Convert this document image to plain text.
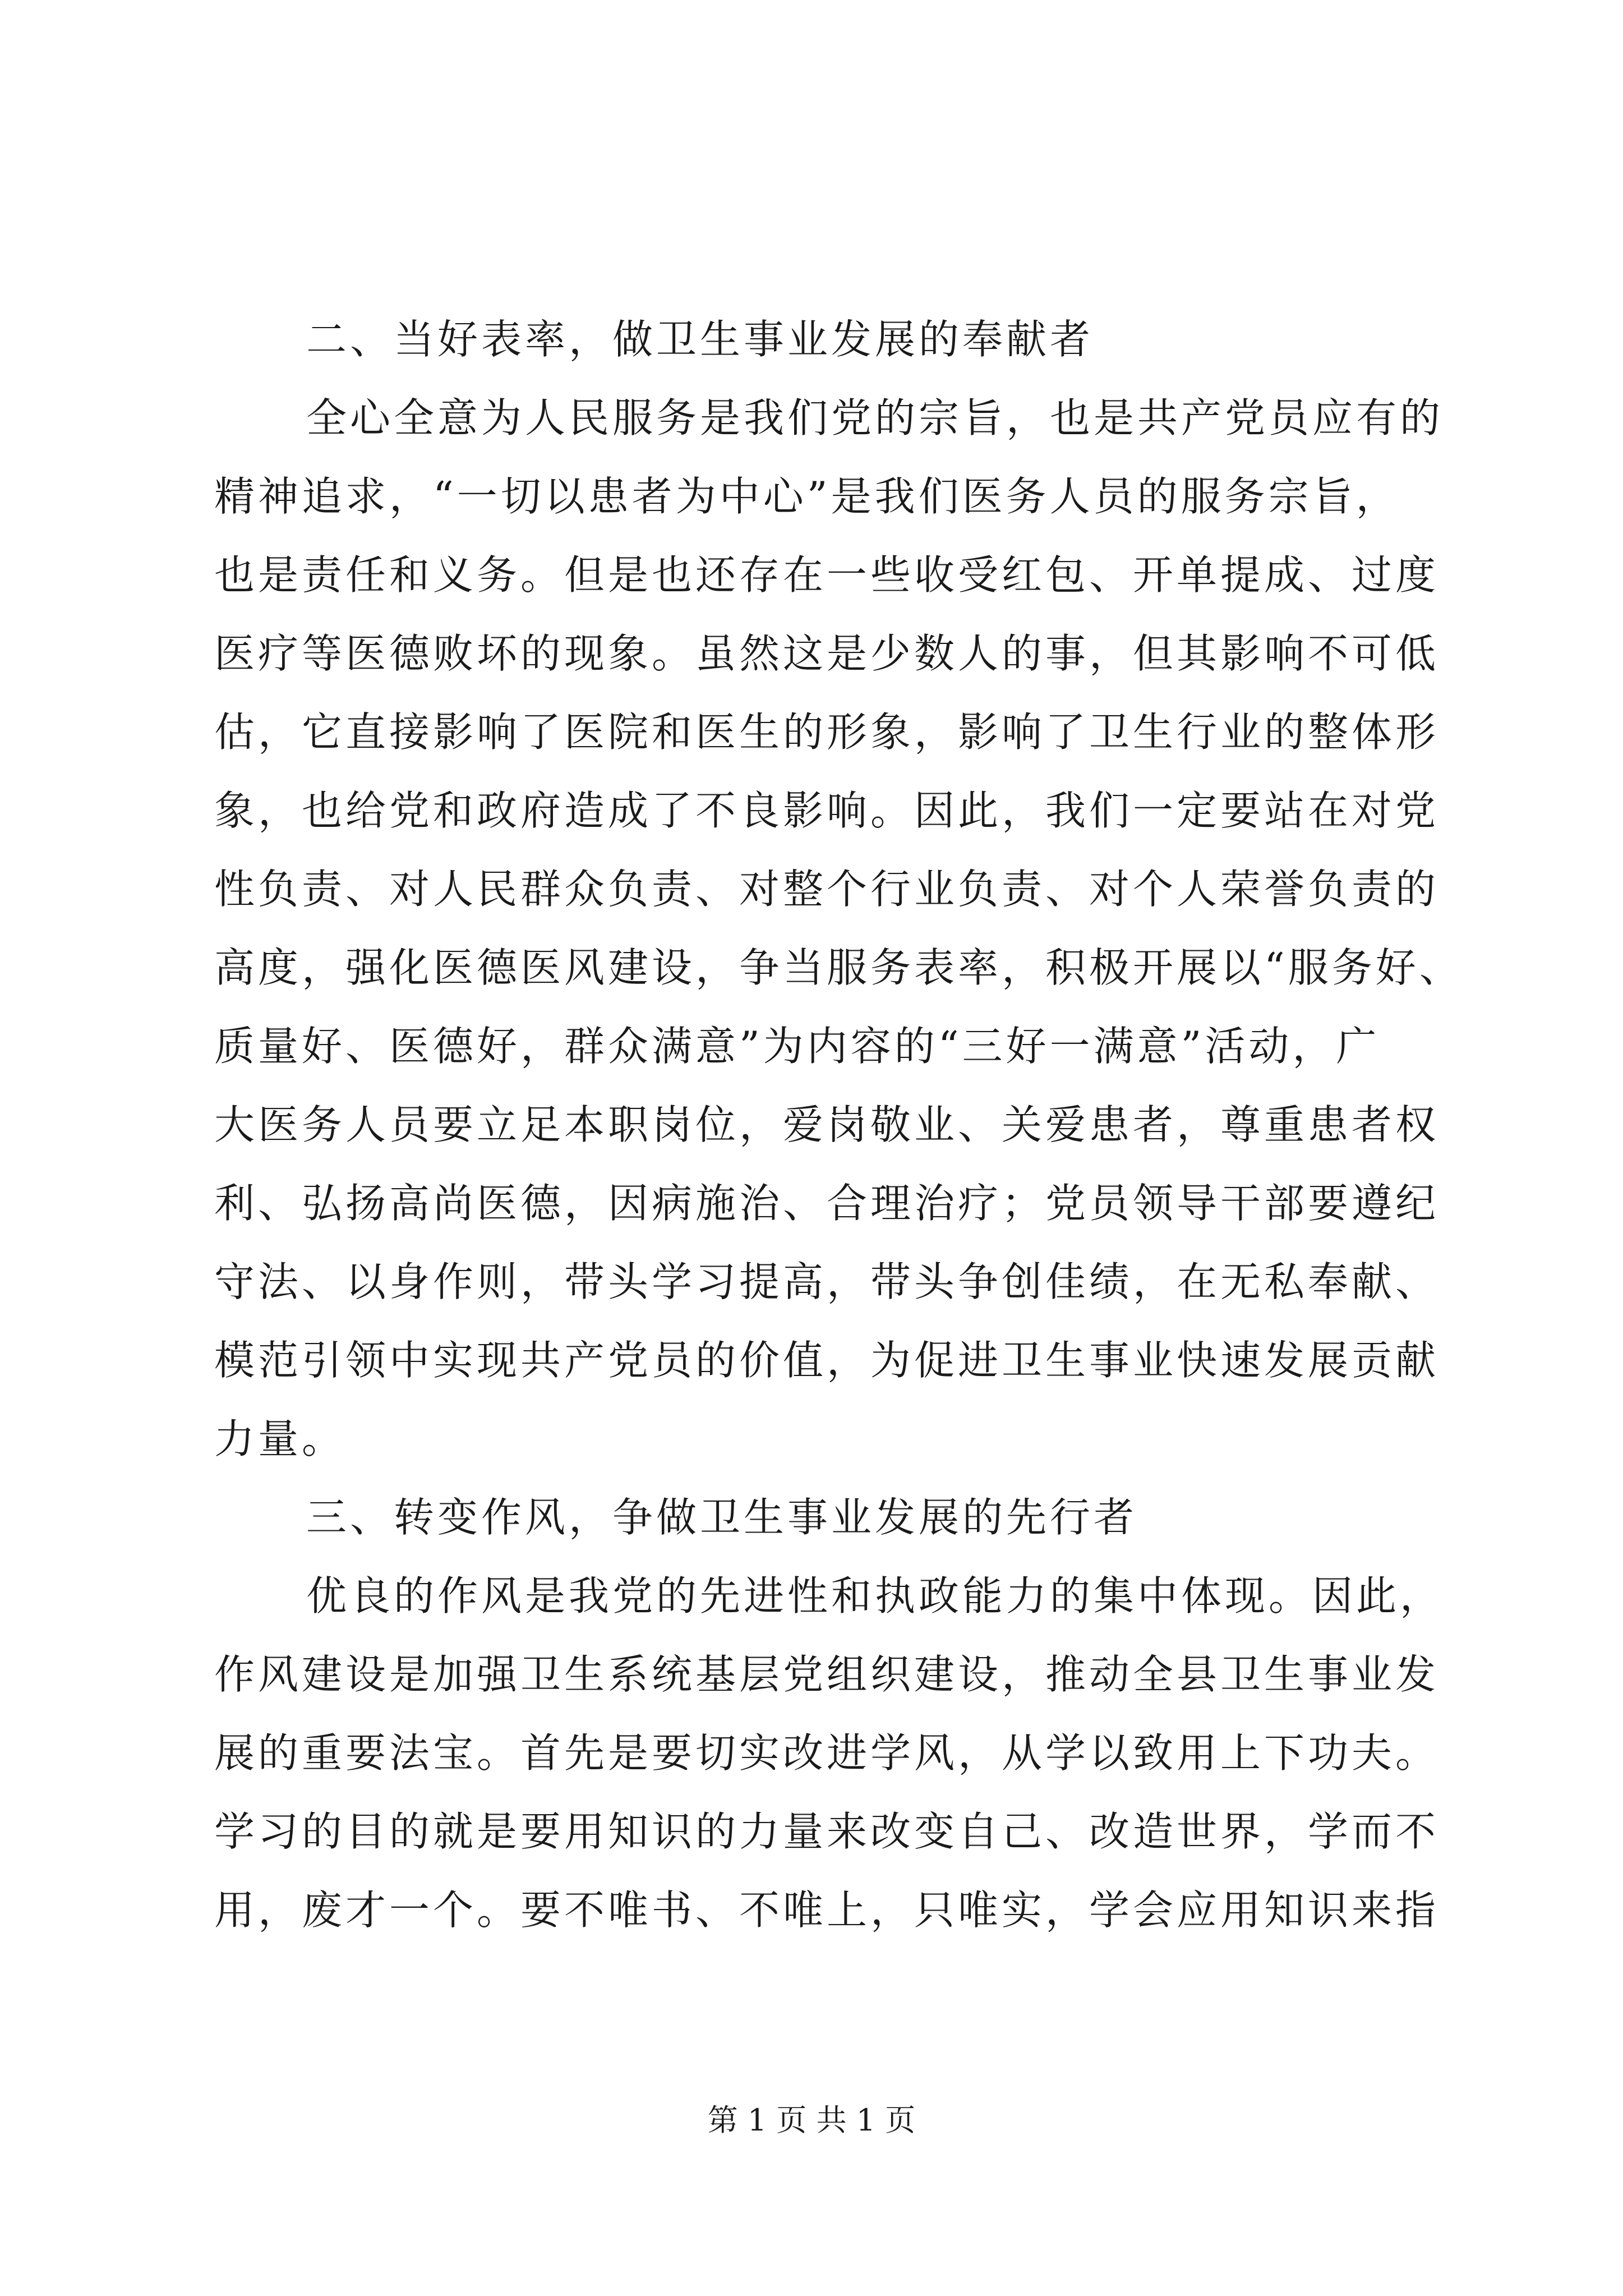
二、当好表率，做卫生事业发展的奉献者
全心全意为人民服务是我们党的宗旨，也是共产党员应有的
精神追求，“一切以患者为中心”是我们医务人员的服务宗旨，
也是责任和义务。但是也还存在一些收受红包、开单提成、过度
医疗等医德败坏的现象。虽然这是少数人的事，但其影响不可低
估，它直接影响了医院和医生的形象，影响了卫生行业的整体形
象，也给党和政府造成了不良影响。因此，我们一定要站在对党
性负责、对人民群众负责、对整个行业负责、对个人荣誉负责的
高度，强化医德医风建设，争当服务表率，积极开展以“服务好、
质量好、医德好，群众满意”为内容的“三好一满意”活动，广
大医务人员要立足本职岗位，爱岗敬业、关爱患者，尊重患者权
利、弘扬高尚医德，因病施治、合理治疗；党员领导干部要遵纪
守法、以身作则，带头学习提高，带头争创佳绩，在无私奉献、
模范引领中实现共产党员的价值，为促进卫生事业快速发展贡献
力量。
三、转变作风，争做卫生事业发展的先行者
优良的作风是我党的先进性和执政能力的集中体现。因此，
作风建设是加强卫生系统基层党组织建设，推动全县卫生事业发
展的重要法宝。首先是要切实改进学风，从学以致用上下功夫。
学习的目的就是要用知识的力量来改变自己、改造世界，学而不
用，废才一个。要不唯书、不唯上，只唯实，学会应用知识来指
第 1 页 共 1 页
